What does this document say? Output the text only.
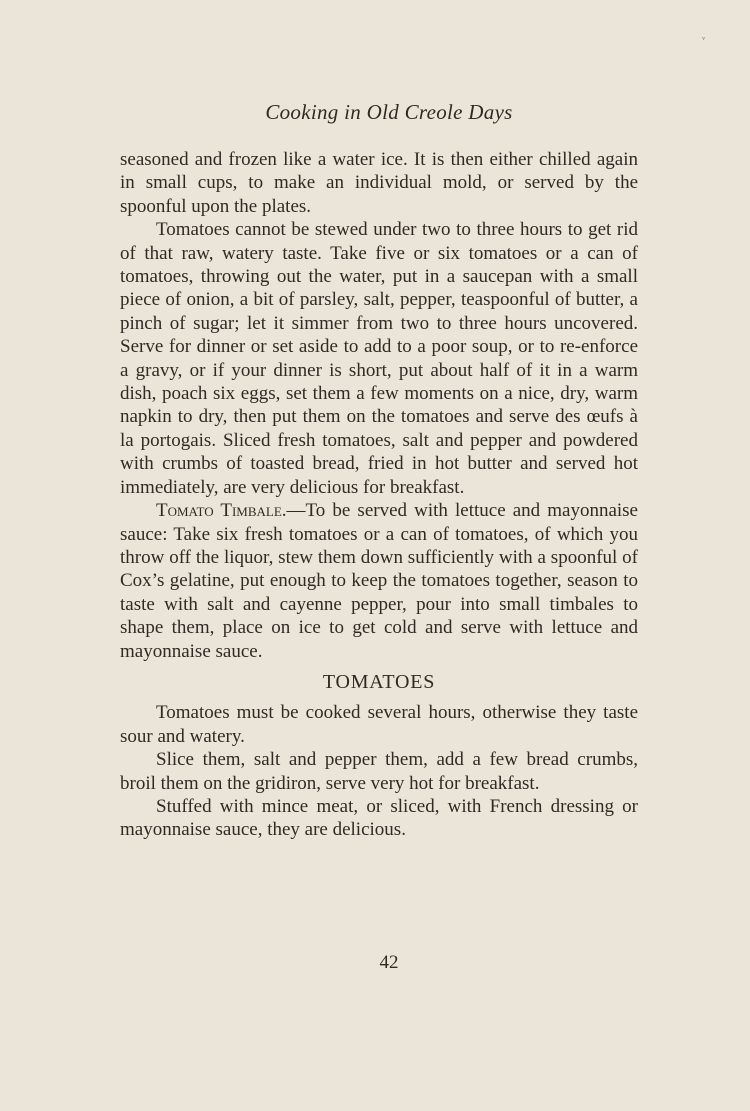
ᵛ
Cooking in Old Creole Days

seasoned and frozen like a water ice. It is then either chilled again in small cups, to make an individual mold, or served by the spoonful upon the plates.

Tomatoes cannot be stewed under two to three hours to get rid of that raw, watery taste. Take five or six tomatoes or a can of tomatoes, throwing out the water, put in a saucepan with a small piece of onion, a bit of parsley, salt, pepper, teaspoonful of butter, a pinch of sugar; let it simmer from two to three hours uncovered. Serve for dinner or set aside to add to a poor soup, or to re-enforce a gravy, or if your dinner is short, put about half of it in a warm dish, poach six eggs, set them a few moments on a nice, dry, warm napkin to dry, then put them on the tomatoes and serve des œufs à la portogais. Sliced fresh tomatoes, salt and pepper and powdered with crumbs of toasted bread, fried in hot butter and served hot immediately, are very delicious for breakfast.

Tomato Timbale.—To be served with lettuce and mayonnaise sauce: Take six fresh tomatoes or a can of tomatoes, of which you throw off the liquor, stew them down sufficiently with a spoonful of Cox’s gelatine, put enough to keep the tomatoes together, season to taste with salt and cayenne pepper, pour into small timbales to shape them, place on ice to get cold and serve with lettuce and mayonnaise sauce.

TOMATOES

Tomatoes must be cooked several hours, otherwise they taste sour and watery.

Slice them, salt and pepper them, add a few bread crumbs, broil them on the gridiron, serve very hot for breakfast.

Stuffed with mince meat, or sliced, with French dressing or mayonnaise sauce, they are delicious.

42
